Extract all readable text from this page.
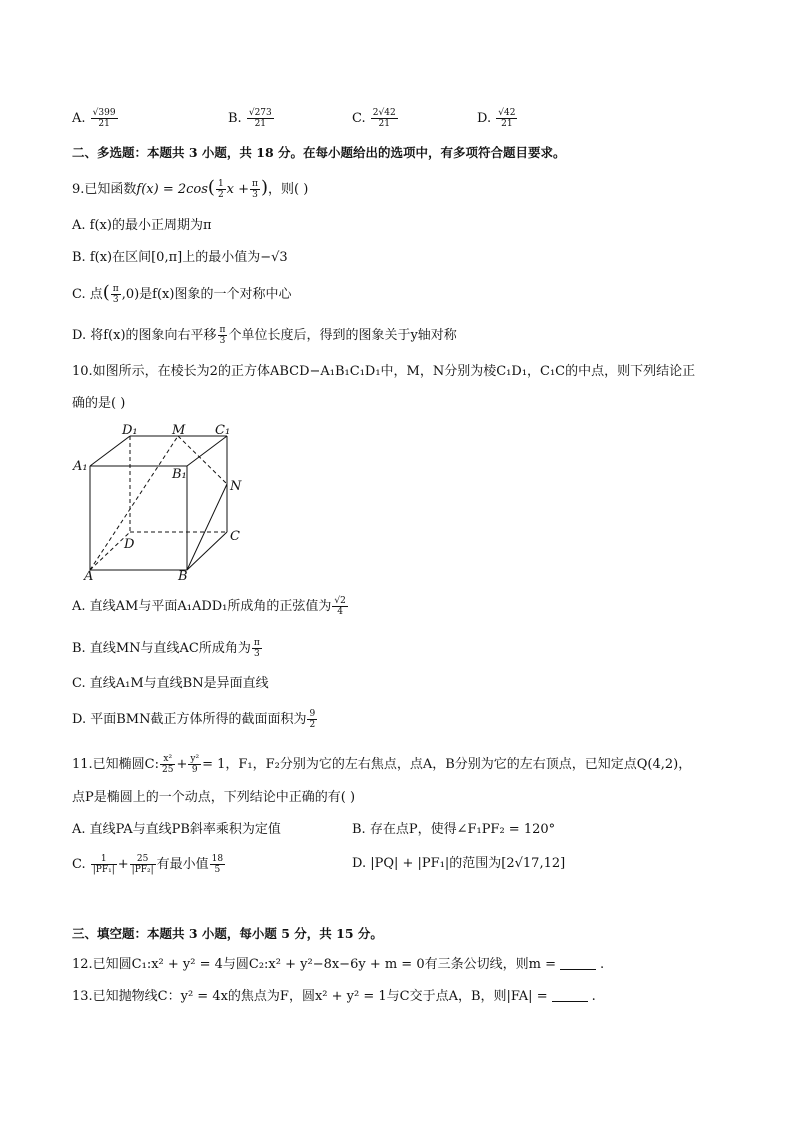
A. $\frac{√399}{21}$	B. $\frac{√273}{21}$	C. $\frac{2√42}{21}$	D. $\frac{√42}{21}$
二、多选题：本题共 3 小题，共 18 分。在每小题给出的选项中，有多项符合题目要求。
9.已知函数$f(x) = 2\cos( \frac{1}{2}$ $x + \frac{\pi}{3}$ )，则( )
A. f(x)的最小正周期为π
B. f(x)在区间[0,π]上的最小值为−√3
C. 点( $\frac{\pi}{3} ,0$)是f(x)图象的一个对称中心
D. 将f(x)的图象向右平移 $\frac{\pi}{3}$ 个单位长度后，得到的图象关于y轴对称
10.如图所示，在棱长为2的正方体ABCD−A₁B₁C₁D₁中，M，N分别为棱C₁D₁，C₁C的中点，则下列结论正
确的是( )
D₁	M C₁
A₁
B₁
N
D
C
A	B
A. 直线AM与平面A₁ADD₁所成角的正弦值为 $\frac{√2}{4}$
B. 直线MN与直线AC所成角为 $\frac{\pi}{3}$
C. 直线A₁M与直线BN是异面直线
D. 平面BMN截正方体所得的截面面积为 $\frac{9}{2}$
11.已知椭圆C: $\frac{\text{x²}}{25} + \frac{\text{y²}}{9} = 1$，F₁，F₂分别为它的左右焦点，点A，B分别为它的左右顶点，已知定点Q(4,2)，
点P是椭圆上的一个动点，下列结论中正确的有( )
A. 直线PA与直线PB斜率乘积为定值	B. 存在点P，使得∠F₁PF₂ = 120°
C. $\frac{1}{\text{|PF₁|}} + \frac{25}{\text{|PF₂|}}$ 有最小值 $\frac{18}{5}$	D. |PQ| + |PF₁|的范围为[2√17,12]
三、填空题：本题共 3 小题，每小题 5 分，共 15 分。
12.已知圆C₁:x² + y² = 4与圆C₂:x² + y²−8x−6y + m = 0有三条公切线，则m =	.
13.已知抛物线C：y² = 4x的焦点为F，圆x² + y² = 1与C交于点A，B，则|FA| =	.
